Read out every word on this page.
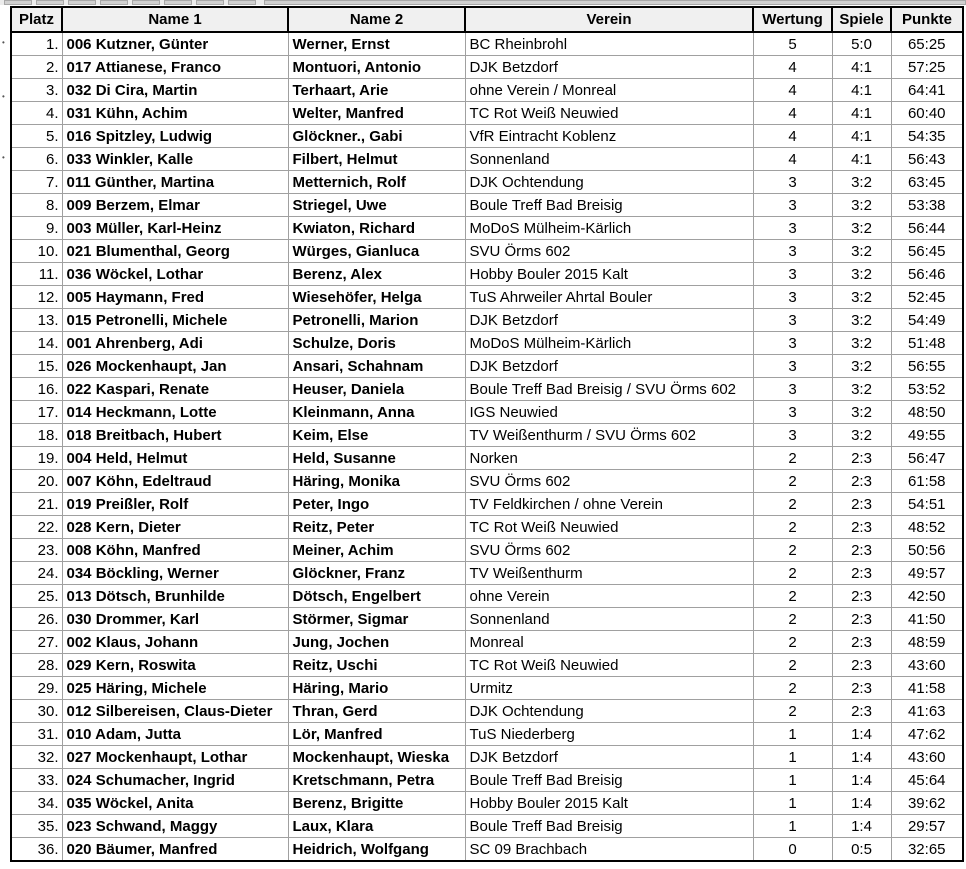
•
•
•
Platz	Name 1	Name 2	Verein	Wertung	Spiele	Punkte
1.	006 Kutzner, Günter	Werner, Ernst	BC Rheinbrohl	5	5:0	65:25
2.	017 Attianese, Franco	Montuori, Antonio	DJK Betzdorf	4	4:1	57:25
3.	032 Di Cira, Martin	Terhaart, Arie	ohne Verein / Monreal	4	4:1	64:41
4.	031 Kühn, Achim	Welter, Manfred	TC Rot Weiß Neuwied	4	4:1	60:40
5.	016 Spitzley, Ludwig	Glöckner., Gabi	VfR Eintracht Koblenz	4	4:1	54:35
6.	033 Winkler, Kalle	Filbert, Helmut	Sonnenland	4	4:1	56:43
7.	011 Günther, Martina	Metternich, Rolf	DJK Ochtendung	3	3:2	63:45
8.	009 Berzem, Elmar	Striegel, Uwe	Boule Treff Bad Breisig	3	3:2	53:38
9.	003 Müller, Karl-Heinz	Kwiaton, Richard	MoDoS Mülheim-Kärlich	3	3:2	56:44
10.	021 Blumenthal, Georg	Würges, Gianluca	SVU Örms 602	3	3:2	56:45
11.	036 Wöckel, Lothar	Berenz, Alex	Hobby Bouler 2015 Kalt	3	3:2	56:46
12.	005 Haymann, Fred	Wiesehöfer, Helga	TuS Ahrweiler Ahrtal Bouler	3	3:2	52:45
13.	015 Petronelli, Michele	Petronelli, Marion	DJK Betzdorf	3	3:2	54:49
14.	001 Ahrenberg, Adi	Schulze, Doris	MoDoS Mülheim-Kärlich	3	3:2	51:48
15.	026 Mockenhaupt, Jan	Ansari, Schahnam	DJK Betzdorf	3	3:2	56:55
16.	022 Kaspari, Renate	Heuser, Daniela	Boule Treff Bad Breisig / SVU Örms 602	3	3:2	53:52
17.	014 Heckmann, Lotte	Kleinmann, Anna	IGS Neuwied	3	3:2	48:50
18.	018 Breitbach, Hubert	Keim, Else	TV Weißenthurm / SVU Örms 602	3	3:2	49:55
19.	004 Held, Helmut	Held, Susanne	Norken	2	2:3	56:47
20.	007 Köhn, Edeltraud	Häring, Monika	SVU Örms 602	2	2:3	61:58
21.	019 Preißler, Rolf	Peter, Ingo	TV Feldkirchen / ohne Verein	2	2:3	54:51
22.	028 Kern, Dieter	Reitz, Peter	TC Rot Weiß Neuwied	2	2:3	48:52
23.	008 Köhn, Manfred	Meiner, Achim	SVU Örms 602	2	2:3	50:56
24.	034 Böckling, Werner	Glöckner, Franz	TV Weißenthurm	2	2:3	49:57
25.	013 Dötsch, Brunhilde	Dötsch, Engelbert	ohne Verein	2	2:3	42:50
26.	030 Drommer, Karl	Störmer, Sigmar	Sonnenland	2	2:3	41:50
27.	002 Klaus, Johann	Jung, Jochen	Monreal	2	2:3	48:59
28.	029 Kern, Roswita	Reitz, Uschi	TC Rot Weiß Neuwied	2	2:3	43:60
29.	025 Häring, Michele	Häring, Mario	Urmitz	2	2:3	41:58
30.	012 Silbereisen, Claus-Dieter	Thran, Gerd	DJK Ochtendung	2	2:3	41:63
31.	010 Adam, Jutta	Lör, Manfred	TuS Niederberg	1	1:4	47:62
32.	027 Mockenhaupt, Lothar	Mockenhaupt, Wieska	DJK Betzdorf	1	1:4	43:60
33.	024 Schumacher, Ingrid	Kretschmann, Petra	Boule Treff Bad Breisig	1	1:4	45:64
34.	035 Wöckel, Anita	Berenz, Brigitte	Hobby Bouler 2015 Kalt	1	1:4	39:62
35.	023 Schwand, Maggy	Laux, Klara	Boule Treff Bad Breisig	1	1:4	29:57
36.	020 Bäumer, Manfred	Heidrich, Wolfgang	SC 09 Brachbach	0	0:5	32:65
